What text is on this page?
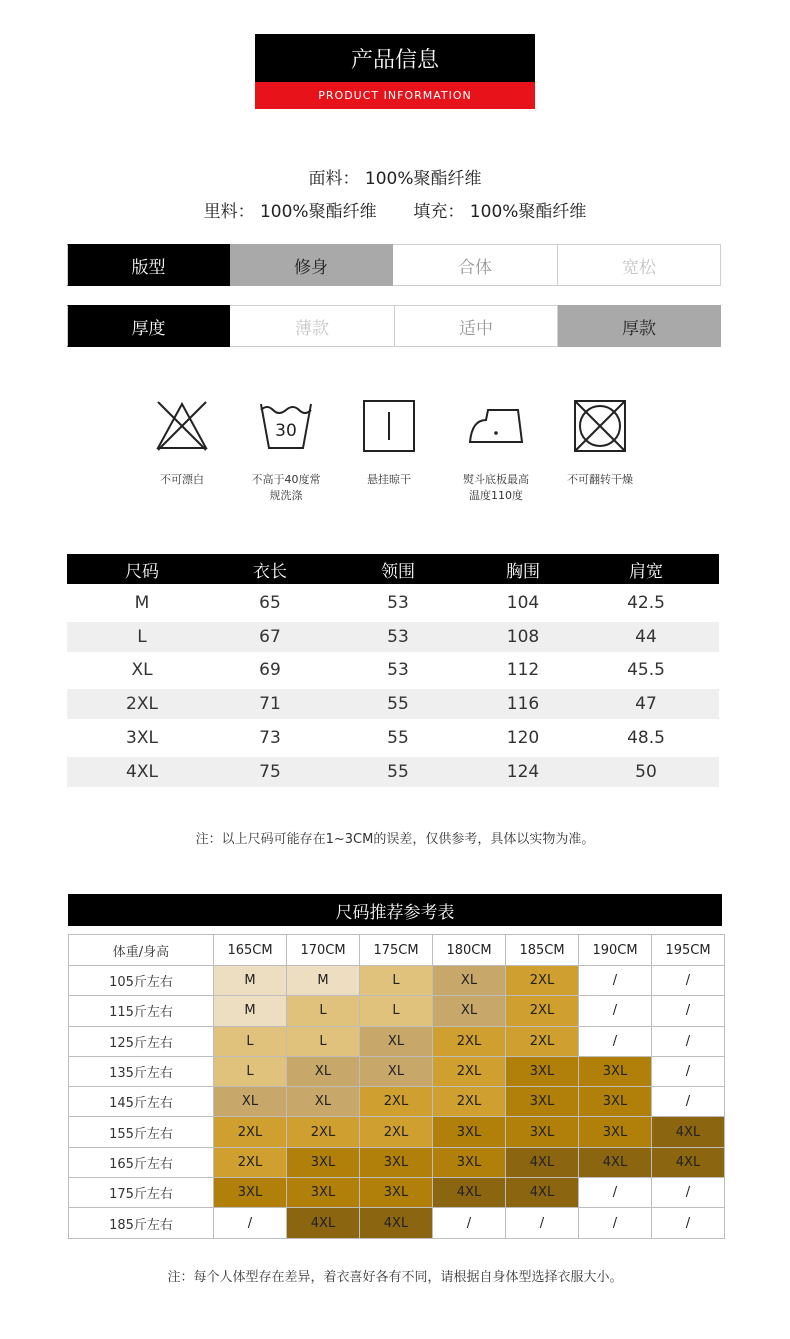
产品信息
PRODUCT INFORMATION
面料： 100%聚酯纤维
里料： 100%聚酯纤维 填充： 100%聚酯纤维
版型	修身	合体	宽松
厚度	薄款	适中	厚款
不可漂白
30
不高于40度常规洗涤
悬挂晾干	熨斗底板最高温度110度
不可翻转干燥
尺码	衣长	领围	胸围	肩宽
M	65	53	104	42.5
L	67	53	108	44
XL	69	53	112	45.5
2XL	71	55	116	47
3XL	73	55	120	48.5
4XL	75	55	124	50
注：以上尺码可能存在1~3CM的误差，仅供参考，具体以实物为准。
尺码推荐参考表
体重/身高	165CM	170CM	175CM	180CM	185CM	190CM	195CM
105斤左右	M	M	L	XL	2XL	/	/
115斤左右	M	L	L	XL	2XL	/	/
125斤左右	L	L	XL	2XL	2XL	/	/
135斤左右	L	XL	XL	2XL	3XL	3XL	/
145斤左右	XL	XL	2XL	2XL	3XL	3XL	/
155斤左右	2XL	2XL	2XL	3XL	3XL	3XL	4XL
165斤左右	2XL	3XL	3XL	3XL	4XL	4XL	4XL
175斤左右	3XL	3XL	3XL	4XL	4XL	/	/
185斤左右	/	4XL	4XL	/	/	/	/
注：每个人体型存在差异，着衣喜好各有不同，请根据自身体型选择衣服大小。
